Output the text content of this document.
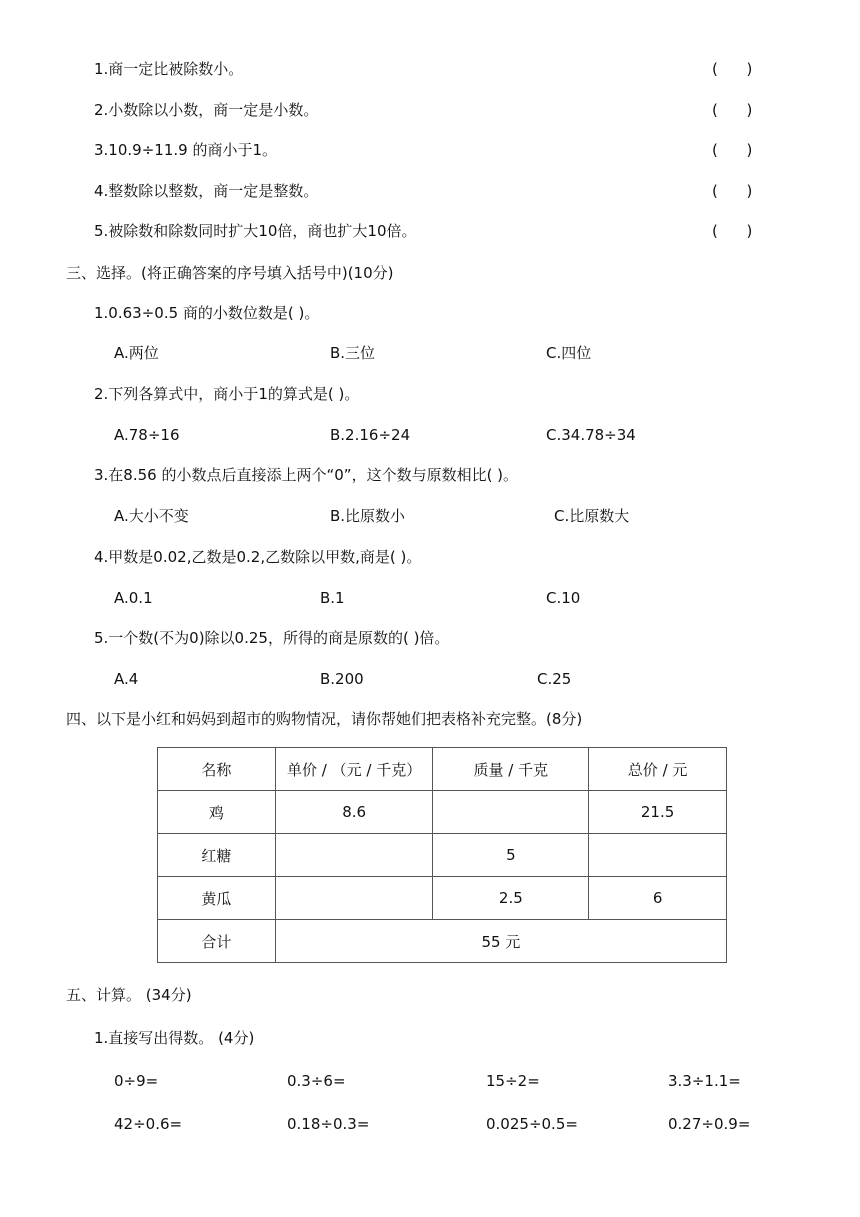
1.商一定比被除数小。	(      )
2.小数除以小数，商一定是小数。	(      )
3.10.9÷11.9 的商小于1。	(      )
4.整数除以整数，商一定是整数。	(      )
5.被除数和除数同时扩大10倍，商也扩大10倍。	(      )
三、选择。(将正确答案的序号填入括号中)(10分)
1.0.63÷0.5 商的小数位数是( )。
A.两位	B.三位	C.四位
2.下列各算式中，商小于1的算式是( )。
A.78÷16	B.2.16÷24	C.34.78÷34
3.在8.56 的小数点后直接添上两个“0”，这个数与原数相比( )。
A.大小不变	B.比原数小	C.比原数大
4.甲数是0.02,乙数是0.2,乙数除以甲数,商是( )。
A.0.1	B.1	C.10
5.一个数(不为0)除以0.25，所得的商是原数的( )倍。
A.4	B.200	C.25
四、以下是小红和妈妈到超市的购物情况，请你帮她们把表格补充完整。(8分)
名称	单价 / （元 / 千克）	质量 / 千克	总价 / 元
鸡	8.6		21.5
红糖		5	
黄瓜		2.5	6
合计	55 元		
五、计算。 (34分)
1.直接写出得数。 (4分)
0÷9=	0.3÷6=	15÷2=	3.3÷1.1=
42÷0.6=	0.18÷0.3=	0.025÷0.5=	0.27÷0.9=
